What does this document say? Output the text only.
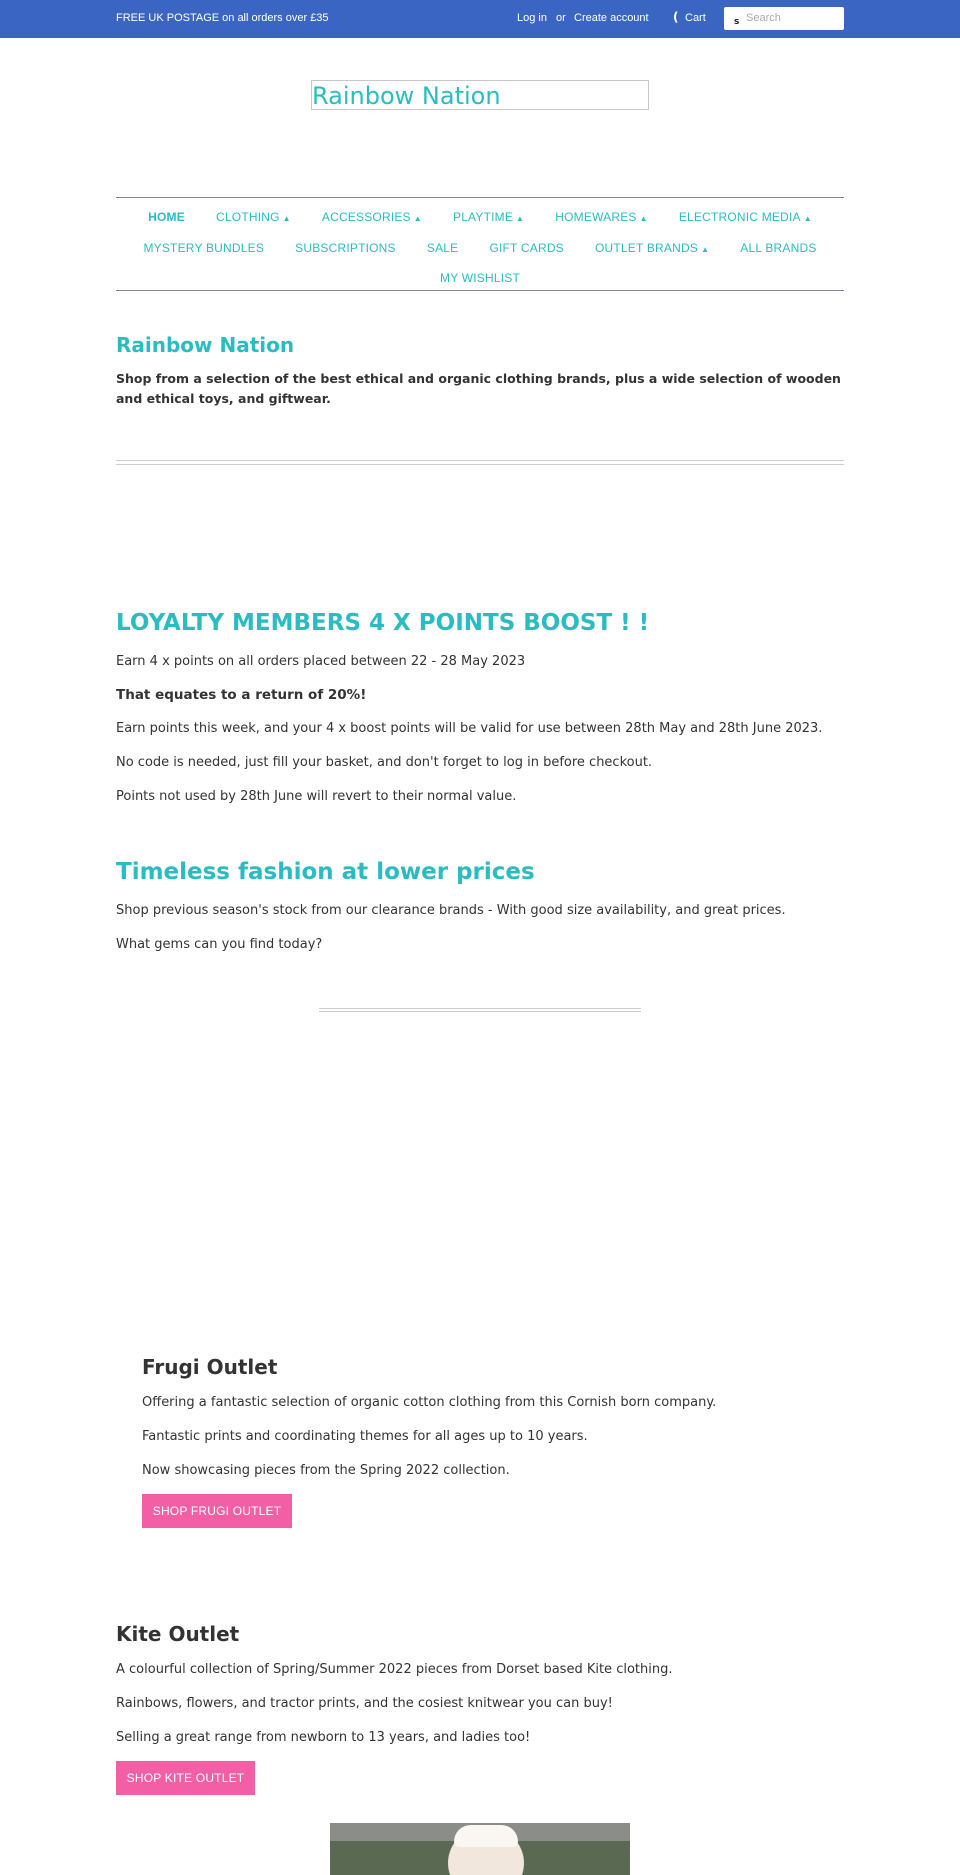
FREE UK POSTAGE on all orders over £35	Log in or Create account ( Cart	s
Search
Rainbow Nation
HOME	CLOTHING ▲	ACCESSORIES ▲	PLAYTIME ▲	HOMEWARES ▲	ELECTRONIC MEDIA ▲
MYSTERY BUNDLES	SUBSCRIPTIONS	SALE	GIFT CARDS	OUTLET BRANDS ▲	ALL BRANDS
MY WISHLIST
Rainbow Nation

Shop from a selection of the best ethical and organic clothing brands, plus a wide selection of wooden and ethical toys, and giftwear.

LOYALTY MEMBERS 4 X POINTS BOOST ! !

Earn 4 x points on all orders placed between 22 - 28 May 2023

That equates to a return of 20%!

Earn points this week, and your 4 x boost points will be valid for use between 28th May and 28th June 2023.

No code is needed, just fill your basket, and don't forget to log in before checkout.

Points not used by 28th June will revert to their normal value.

Timeless fashion at lower prices

Shop previous season's stock from our clearance brands - With good size availability, and great prices.

What gems can you find today?

Frugi Outlet

Offering a fantastic selection of organic cotton clothing from this Cornish born company.

Fantastic prints and coordinating themes for all ages up to 10 years.

Now showcasing pieces from the Spring 2022 collection.

SHOP FRUGI OUTLET
Kite Outlet

A colourful collection of Spring/Summer 2022 pieces from Dorset based Kite clothing.

Rainbows, flowers, and tractor prints, and the cosiest knitwear you can buy!

Selling a great range from newborn to 13 years, and ladies too!

SHOP KITE OUTLET
